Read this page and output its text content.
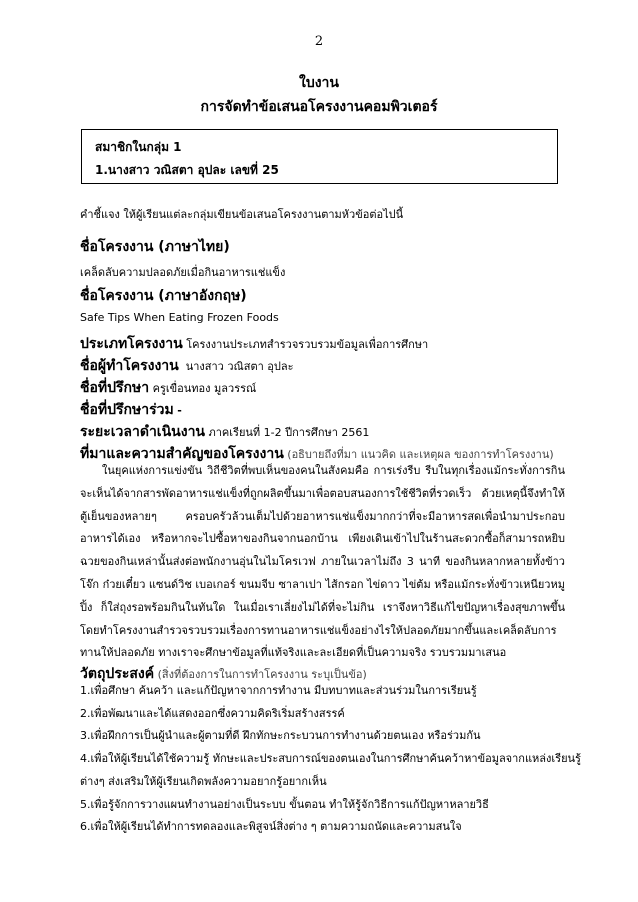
2
ใบงาน
การจัดทำข้อเสนอโครงงานคอมพิวเตอร์
สมาชิกในกลุ่ม 1
1.นางสาว วณิสตา อุปละ เลขที่ 25
คำชี้แจง ให้ผู้เรียนแต่ละกลุ่มเขียนข้อเสนอโครงงานตามหัวข้อต่อไปนี้
ชื่อโครงงาน (ภาษาไทย)
เคล็ดลับความปลอดภัยเมื่อกินอาหารแช่แข็ง
ชื่อโครงงาน (ภาษาอังกฤษ)
Safe Tips When Eating Frozen Foods
ประเภทโครงงาน โครงงานประเภทสำรวจรวบรวมข้อมูลเพื่อการศึกษา
ชื่อผู้ทำโครงงาน นางสาว วณิสตา อุปละ
ชื่อที่ปรึกษา ครูเขื่อนทอง มูลวรรณ์
ชื่อที่ปรึกษาร่วม -
ระยะเวลาดำเนินงาน ภาคเรียนที่ 1-2 ปีการศึกษา 2561
ที่มาและความสำคัญของโครงงาน (อธิบายถึงที่มา แนวคิด และเหตุผล ของการทำโครงงาน)
ในยุคแห่งการแข่งขัน วิถีชีวิตที่พบเห็นของคนในสังคมคือ การเร่งรีบ รีบในทุกเรื่องแม้กระทั่งการกิน จะเห็นได้จากสารพัดอาหารแช่แข็งที่ถูกผลิตขึ้นมาเพื่อตอบสนองการใช้ชีวิตที่รวดเร็ว ด้วยเหตุนี้จึงทำให้ตู้เย็นของหลายๆ ครอบครัวล้วนเต็มไปด้วยอาหารแช่แข็งมากกว่าที่จะมีอาหารสดเพื่อนำมาประกอบอาหารได้เอง หรือหากจะไปซื้อหาของกินจากนอกบ้าน เพียงเดินเข้าไปในร้านสะดวกซื้อก็สามารถหยิบฉวยของกินเหล่านั้นส่งต่อพนักงานอุ่นในไมโครเวฟ ภายในเวลาไม่ถึง 3 นาที ของกินหลากหลายทั้งข้าว โจ๊ก ก๋วยเตี๋ยว แซนด์วิช เบอเกอร์ ขนมจีบ ซาลาเปา ไส้กรอก ไข่ดาว ไข่ต้ม หรือแม้กระทั่งข้าวเหนียวหมูปิ้ง ก็ใส่ถุงรอพร้อมกินในทันใด ในเมื่อเราเลี่ยงไม่ได้ที่จะไม่กิน เราจึงหาวิธีแก้ไขปัญหาเรื่องสุขภาพขึ้น โดยทำโครงงานสำรวจรวบรวมเรื่องการทานอาหารแช่แข็งอย่างไรให้ปลอดภัยมากขึ้นและเคล็ดลับการทานให้ปลอดภัย ทางเราจะศึกษาข้อมูลที่แท้จริงและละเอียดที่เป็นความจริง รวบรวมมาเสนอ
วัตถุประสงค์ (สิ่งที่ต้องการในการทำโครงงาน ระบุเป็นข้อ)
1.เพื่อศึกษา ค้นคว้า และแก้ปัญหาจากการทำงาน มีบทบาทและส่วนร่วมในการเรียนรู้
2.เพื่อพัฒนาและได้แสดงออกซึ่งความคิดริเริ่มสร้างสรรค์
3.เพื่อฝึกการเป็นผู้นำและผู้ตามที่ดี ฝึกทักษะกระบวนการทำงานด้วยตนเอง หรือร่วมกัน
4.เพื่อให้ผู้เรียนได้ใช้ความรู้ ทักษะและประสบการณ์ของตนเองในการศึกษาค้นคว้าหาข้อมูลจากแหล่งเรียนรู้
ต่างๆ ส่งเสริมให้ผู้เรียนเกิดพลังความอยากรู้อยากเห็น
5.เพื่อรู้จักการวางแผนทำงานอย่างเป็นระบบ ขั้นตอน ทำให้รู้จักวิธีการแก้ปัญหาหลายวิธี
6.เพื่อให้ผู้เรียนได้ทำการทดลองและพิสูจน์สิ่งต่าง ๆ ตามความถนัดและความสนใจ
